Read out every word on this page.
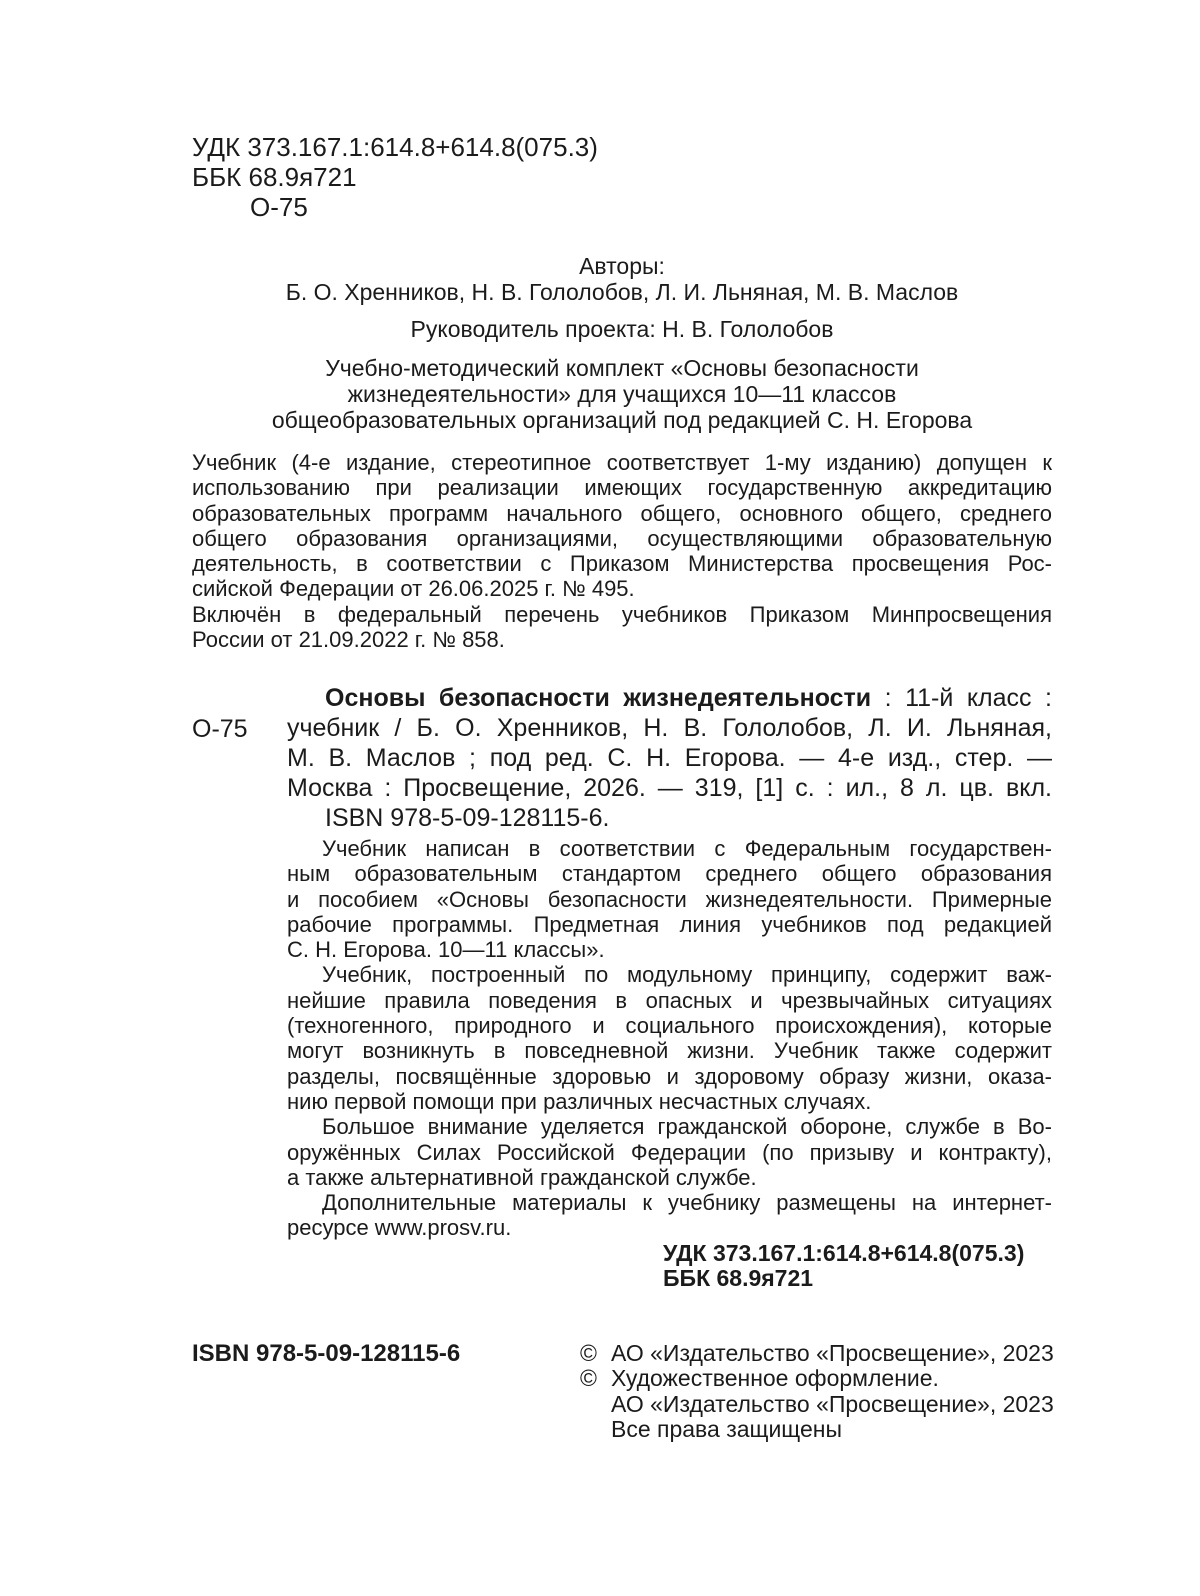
УДК 373.167.1:614.8+614.8(075.3)
ББК 68.9я721
О-75
Авторы:
Б. О. Хренников, Н. В. Гололобов, Л. И. Льняная, М. В. Маслов
Руководитель проекта: Н. В. Гололобов
Учебно-методический комплект «Основы безопасности
жизнедеятельности» для учащихся 10—11 классов
общеобразовательных организаций под редакцией С. Н. Егорова
Учебник (4-е издание, стереотипное соответствует 1-му изданию) допущен к
использованию при реализации имеющих государственную аккредитацию
образовательных программ начального общего, основного общего, среднего
общего образования организациями, осуществляющими образовательную
деятельность, в соответствии с Приказом Министерства просвещения Рос-
сийской Федерации от 26.06.2025 г. № 495.
Включён в федеральный перечень учебников Приказом Минпросвещения
России от 21.09.2022 г. № 858.
О-75
Основы безопасности жизнедеятельности : 11-й класс :
учебник / Б. О. Хренников, Н. В. Гололобов, Л. И. Льняная,
М. В. Маслов ; под ред. С. Н. Егорова. — 4-е изд., стер. —
Москва : Просвещение, 2026. — 319, [1] с. : ил., 8 л. цв. вкл.
ISBN 978-5-09-128115-6.
Учебник написан в соответствии с Федеральным государствен-
ным образовательным стандартом среднего общего образования
и пособием «Основы безопасности жизнедеятельности. Примерные
рабочие программы. Предметная линия учебников под редакцией
С. Н. Егорова. 10—11 классы».
Учебник, построенный по модульному принципу, содержит важ-
нейшие правила поведения в опасных и чрезвычайных ситуациях
(техногенного, природного и социального происхождения), которые
могут возникнуть в повседневной жизни. Учебник также содержит
разделы, посвящённые здоровью и здоровому образу жизни, оказа-
нию первой помощи при различных несчастных случаях.
Большое внимание уделяется гражданской обороне, службе в Во-
оружённых Силах Российской Федерации (по призыву и контракту),
а также альтернативной гражданской службе.
Дополнительные материалы к учебнику размещены на интернет-
ресурсе www.prosv.ru.
УДК 373.167.1:614.8+614.8(075.3)
ББК 68.9я721
ISBN 978-5-09-128115-6	© АО «Издательство «Просвещение», 2023
© Художественное оформление.
АО «Издательство «Просвещение», 2023
Все права защищены
